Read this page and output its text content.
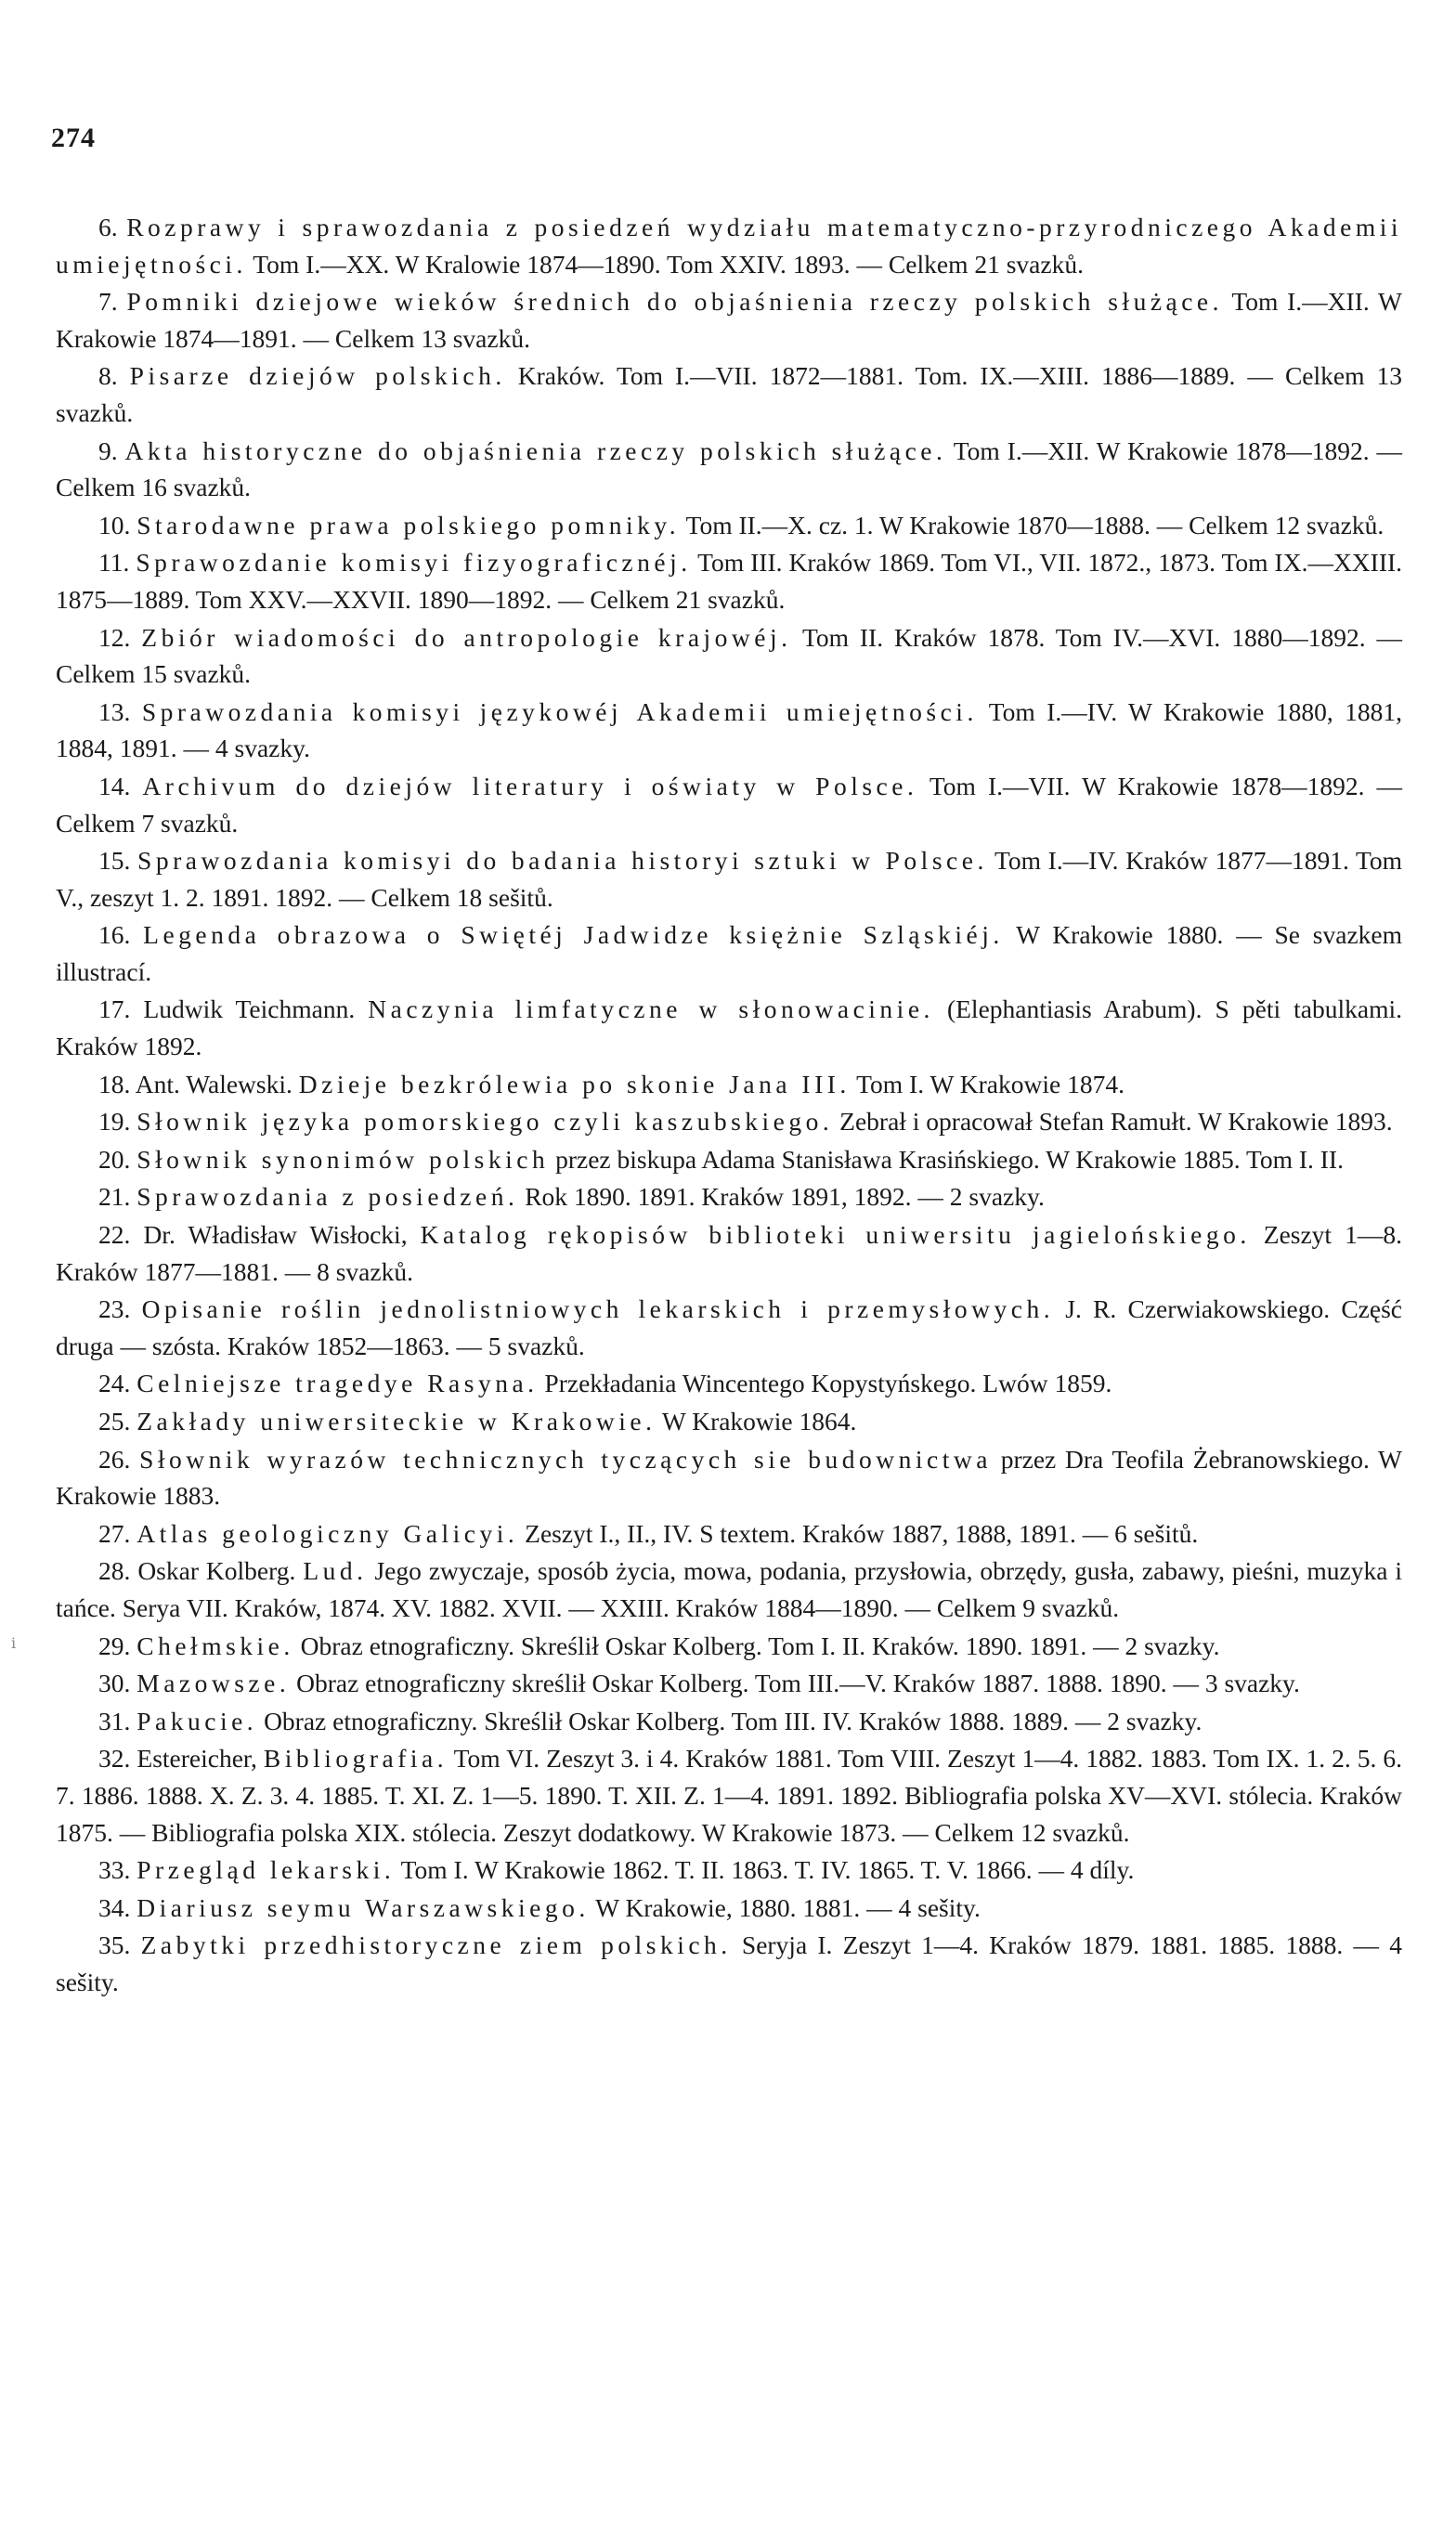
274
ⅰ

6. Rozprawy i sprawozdania z posiedzeń wydziału matematyczno-przyrodniczego Akademii umiejętności. Tom I.—XX. W Kralowie 1874—1890. Tom XXIV. 1893. — Celkem 21 svazků.

7. Pomniki dziejowe wieków średnich do objaśnienia rzeczy polskich służące. Tom I.—XII. W Krakowie 1874—1891. — Celkem 13 svazků.

8. Pisarze dziejów polskich. Kraków. Tom I.—VII. 1872—1881. Tom. IX.—XIII. 1886—1889. — Celkem 13 svazků.

9. Akta historyczne do objaśnienia rzeczy polskich służące. Tom I.—XII. W Krakowie 1878—1892. — Celkem 16 svazků.

10. Starodawne prawa polskiego pomniky. Tom II.—X. cz. 1. W Krakowie 1870—1888. — Celkem 12 svazků.

11. Sprawozdanie komisyi fizyograficznéj. Tom III. Kraków 1869. Tom VI., VII. 1872., 1873. Tom IX.—XXIII. 1875—1889. Tom XXV.—XXVII. 1890—1892. — Celkem 21 svazků.

12. Zbiór wiadomości do antropologie krajowéj. Tom II. Kraków 1878. Tom IV.—XVI. 1880—1892. — Celkem 15 svazků.

13. Sprawozdania komisyi językowéj Akademii umiejętności. Tom I.—IV. W Krakowie 1880, 1881, 1884, 1891. — 4 svazky.

14. Archivum do dziejów literatury i oświaty w Polsce. Tom I.—VII. W Krakowie 1878—1892. — Celkem 7 svazků.

15. Sprawozdania komisyi do badania historyi sztuki w Polsce. Tom I.—IV. Kraków 1877—1891. Tom V., zeszyt 1. 2. 1891. 1892. — Celkem 18 sešitů.

16. Legenda obrazowa o Swiętéj Jadwidze księżnie Szląskiéj. W Krakowie 1880. — Se svazkem illustrací.

17. Ludwik Teichmann. Naczynia limfatyczne w słonowacinie. (Elephantiasis Arabum). S pěti tabulkami. Kraków 1892.

18. Ant. Walewski. Dzieje bezkrólewia po skonie Jana III. Tom I. W Krakowie 1874.

19. Słownik języka pomorskiego czyli kaszubskiego. Zebrał i opracował Stefan Ramułt. W Krakowie 1893.

20. Słownik synonimów polskich przez biskupa Adama Stanisława Krasińskiego. W Krakowie 1885. Tom I. II.

21. Sprawozdania z posiedzeń. Rok 1890. 1891. Kraków 1891, 1892. — 2 svazky.

22. Dr. Władisław Wisłocki, Katalog rękopisów biblioteki uniwersitu jagielońskiego. Zeszyt 1—8. Kraków 1877—1881. — 8 svazků.

23. Opisanie roślin jednolistniowych lekarskich i przemysłowych. J. R. Czerwiakowskiego. Część druga — szósta. Kraków 1852—1863. — 5 svazků.

24. Celniejsze tragedye Rasyna. Przekładania Wincentego Kopystyńskego. Lwów 1859.

25. Zakłady uniwersiteckie w Krakowie. W Krakowie 1864.

26. Słownik wyrazów technicznych tyczących sie budownictwa przez Dra Teofila Żebranowskiego. W Krakowie 1883.

27. Atlas geologiczny Galicyi. Zeszyt I., II., IV. S textem. Kraków 1887, 1888, 1891. — 6 sešitů.

28. Oskar Kolberg. Lud. Jego zwyczaje, sposób życia, mowa, podania, przysłowia, obrzędy, gusła, zabawy, pieśni, muzyka i tańce. Serya VII. Kraków, 1874. XV. 1882. XVII. — XXIII. Kraków 1884—1890. — Celkem 9 svazků.

29. Chełmskie. Obraz etnograficzny. Skreślił Oskar Kolberg. Tom I. II. Kraków. 1890. 1891. — 2 svazky.

30. Mazowsze. Obraz etnograficzny skreślił Oskar Kolberg. Tom III.—V. Kraków 1887. 1888. 1890. — 3 svazky.

31. Pakucie. Obraz etnograficzny. Skreślił Oskar Kolberg. Tom III. IV. Kraków 1888. 1889. — 2 svazky.

32. Estereicher, Bibliografia. Tom VI. Zeszyt 3. i 4. Kraków 1881. Tom VIII. Zeszyt 1—4. 1882. 1883. Tom IX. 1. 2. 5. 6. 7. 1886. 1888. X. Z. 3. 4. 1885. T. XI. Z. 1—5. 1890. T. XII. Z. 1—4. 1891. 1892. Bibliografia polska XV—XVI. stólecia. Kraków 1875. — Bibliografia polska XIX. stólecia. Zeszyt dodatkowy. W Krakowie 1873. — Celkem 12 svazků.

33. Przegląd lekarski. Tom I. W Krakowie 1862. T. II. 1863. T. IV. 1865. T. V. 1866. — 4 díly.

34. Diariusz seymu Warszawskiego. W Krakowie, 1880. 1881. — 4 sešity.

35. Zabytki przedhistoryczne ziem polskich. Seryja I. Zeszyt 1—4. Kraków 1879. 1881. 1885. 1888. — 4 sešity.
